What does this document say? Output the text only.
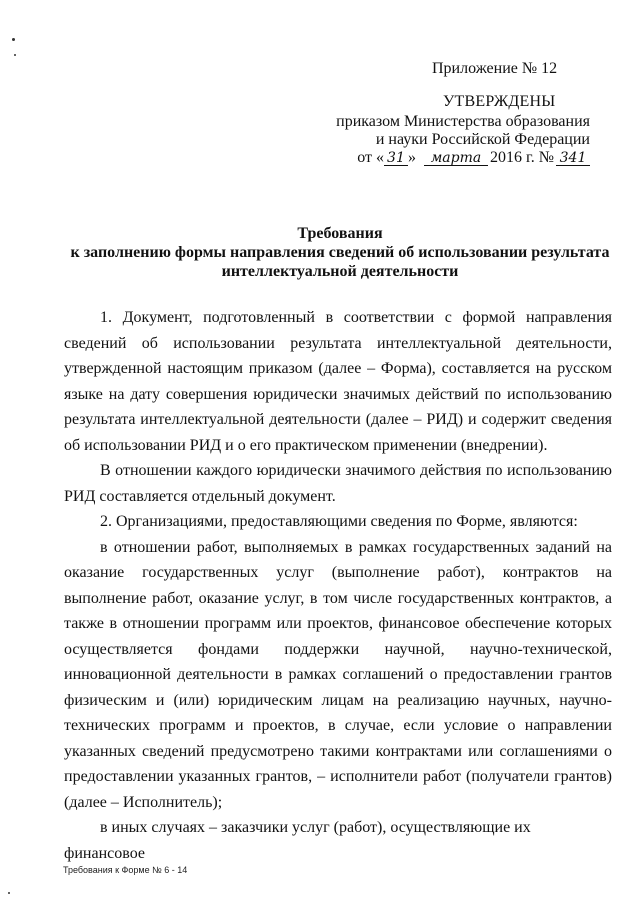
Приложение № 12
УТВЕРЖДЕНЫ
приказом Министерства образования
и науки Российской Федерации
от « 31 » марта 2016 г. № 341
Требования
к заполнению формы направления сведений об использовании результата
интеллектуальной деятельности

1. Документ, подготовленный в соответствии с формой направления сведений об использовании результата интеллектуальной деятельности, утвержденной настоящим приказом (далее – Форма), составляется на русском языке на дату совершения юридически значимых действий по использованию результата интеллектуальной деятельности (далее – РИД) и содержит сведения об использовании РИД и о его практическом применении (внедрении).

В отношении каждого юридически значимого действия по использованию РИД составляется отдельный документ.

2. Организациями, предоставляющими сведения по Форме, являются:

в отношении работ, выполняемых в рамках государственных заданий на оказание государственных услуг (выполнение работ), контрактов на выполнение работ, оказание услуг, в том числе государственных контрактов, а также в отношении программ или проектов, финансовое обеспечение которых осуществляется фондами поддержки научной, научно-технической, инновационной деятельности в рамках соглашений о предоставлении грантов физическим и (или) юридическим лицам на реализацию научных, научно-технических программ и проектов, в случае, если условие о направлении указанных сведений предусмотрено такими контрактами или соглашениями о предоставлении указанных грантов, – исполнители работ (получатели грантов) (далее – Исполнитель);

в иных случаях – заказчики услуг (работ), осуществляющие их финансовое

Требования к Форме № 6 - 14
